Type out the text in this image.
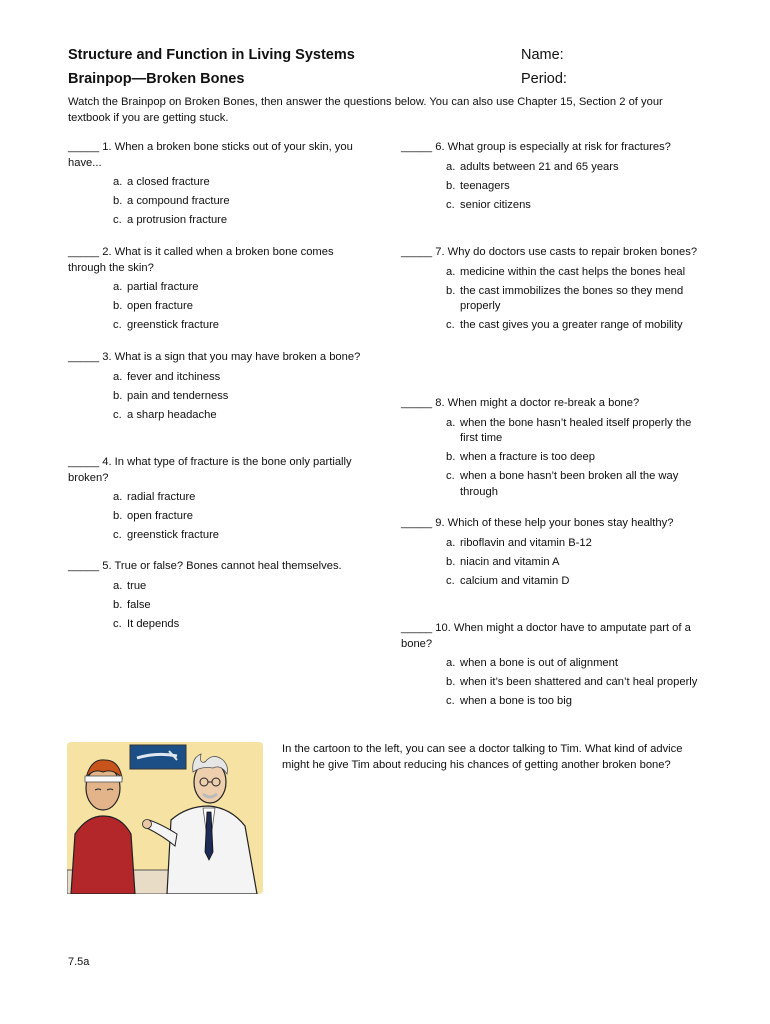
Structure and Function in Living Systems
Brainpop—Broken Bones
Name:
Period:
Watch the Brainpop on Broken Bones, then answer the questions below. You can also use Chapter 15, Section 2 of your textbook if you are getting stuck.

_____ 1. When a broken bone sticks out of your skin, you have...

a. a closed fracture
b. a compound fracture
c. a protrusion fracture

_____ 2. What is it called when a broken bone comes through the skin?

a. partial fracture
b. open fracture
c. greenstick fracture

_____ 3. What is a sign that you may have broken a bone?

a. fever and itchiness
b. pain and tenderness
c. a sharp headache

_____ 4. In what type of fracture is the bone only partially broken?

a. radial fracture
b. open fracture
c. greenstick fracture

_____ 5. True or false? Bones cannot heal themselves.

a. true
b. false
c. It depends

_____ 6. What group is especially at risk for fractures?

a. adults between 21 and 65 years
b. teenagers
c. senior citizens

_____ 7. Why do doctors use casts to repair broken bones?

a. medicine within the cast helps the bones heal
b. the cast immobilizes the bones so they mend properly
c. the cast gives you a greater range of mobility

_____ 8. When might a doctor re-break a bone?

a. when the bone hasn’t healed itself properly the first time
b. when a fracture is too deep
c. when a bone hasn’t been broken all the way through

_____ 9. Which of these help your bones stay healthy?

a. riboflavin and vitamin B-12
b. niacin and vitamin A
c. calcium and vitamin D

_____ 10. When might a doctor have to amputate part of a bone?

a. when a bone is out of alignment
b. when it’s been shattered and can’t heal properly
c. when a bone is too big
In the cartoon to the left, you can see a doctor talking to Tim. What kind of advice might he give Tim about reducing his chances of getting another broken bone?
7.5a
